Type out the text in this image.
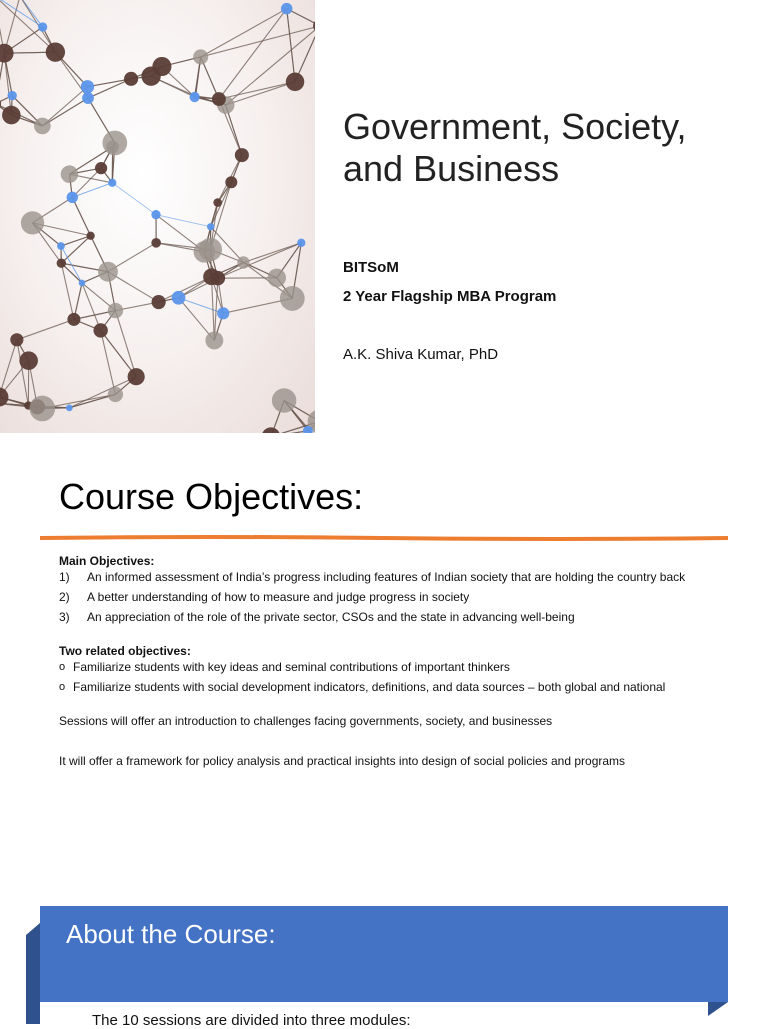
Government, Society, and Business
BITSoM
2 Year Flagship MBA Program
A.K. Shiva Kumar, PhD
Course Objectives:
Main Objectives:
1)	An informed assessment of India’s progress including features of Indian society that are holding the country back
2)	A better understanding of how to measure and judge progress in society
3)	An appreciation of the role of the private sector, CSOs and the state in advancing well-being
Two related objectives:
o Familiarize students with key ideas and seminal contributions of important thinkers
o Familiarize students with social development indicators, definitions, and data sources – both global and national
Sessions will offer an introduction to challenges facing governments, society, and businesses
It will offer a framework for policy analysis and practical insights into design of social policies and programs
About the Course:
The 10 sessions are divided into three modules:
